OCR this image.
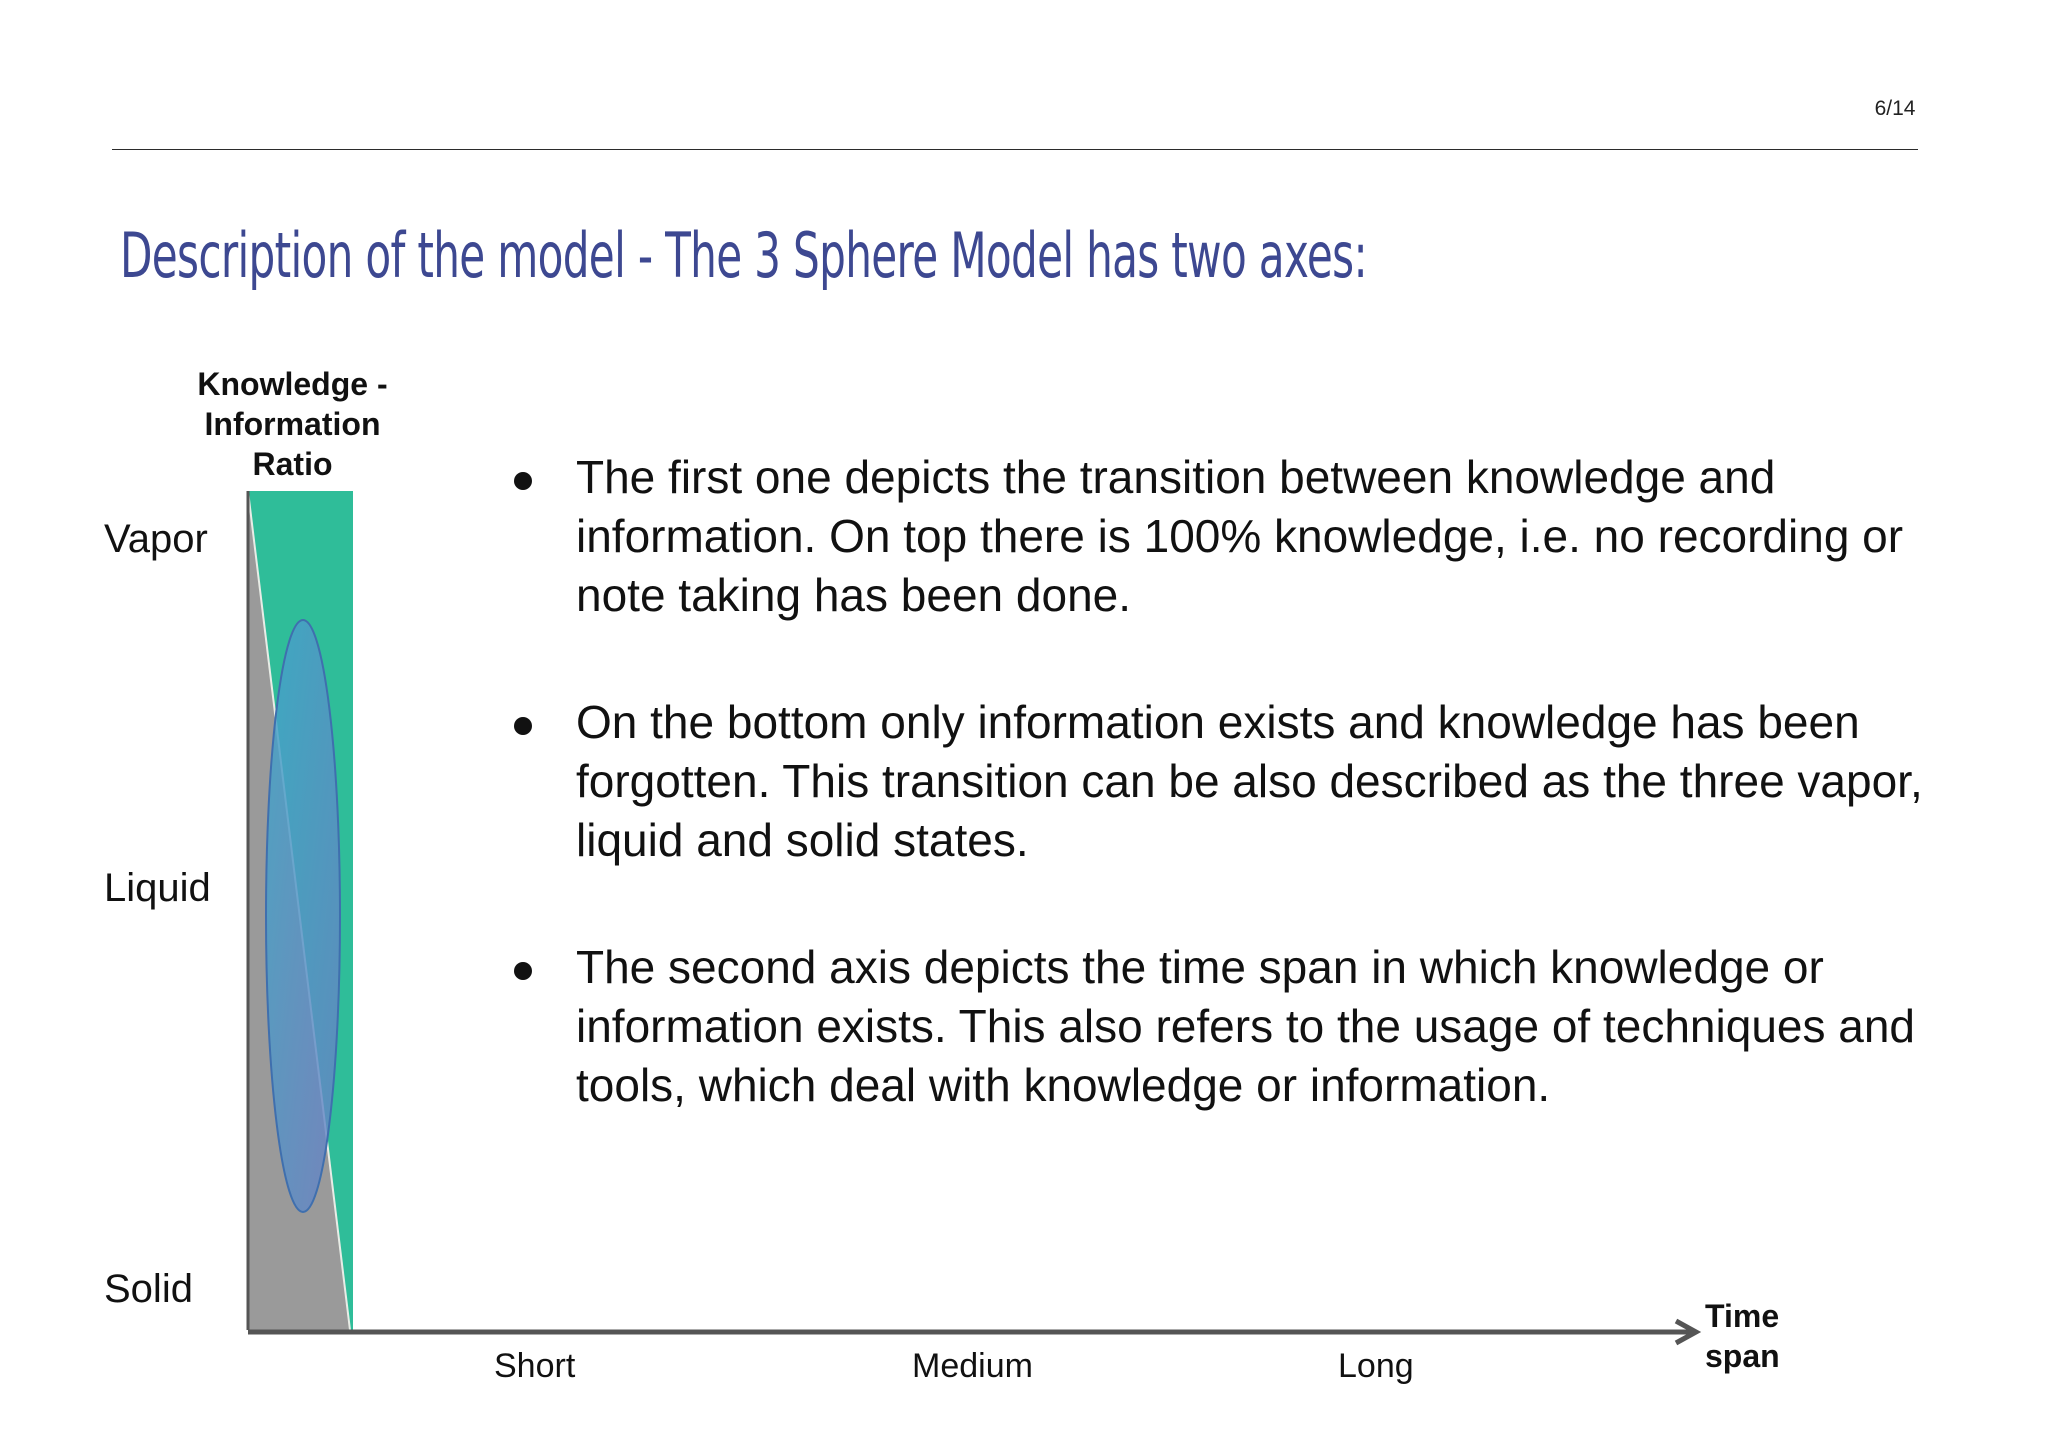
6/14
Description of the model - The 3 Sphere Model has two axes:
Knowledge -
Information
Ratio
Time
span
Vapor
Liquid
Solid
Short	Medium	Long
The first one depicts the transition between knowledge and information. On top there is 100% knowledge, i.e. no recording or note taking has been done.
On the bottom only information exists and knowledge has been forgotten. This transition can be also described as the three vapor, liquid and solid states.
The second axis depicts the time span in which knowledge or information exists. This also refers to the usage of techniques and tools, which deal with knowledge or information.
